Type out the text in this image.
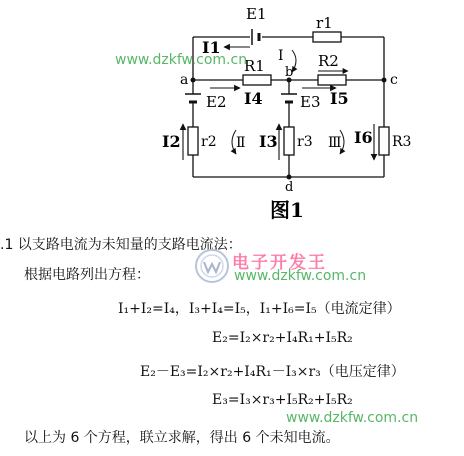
E1	r1
I1	Ⅰ
a	b	c
d
R1	R2
I4	I5
E2	E3
I2 r2 Ⅱ I3 r3 Ⅲ I6 R3
图1
www.dzkfw.com.cn
.1 以支路电流为未知量的支路电流法：
根据电路列出方程：
电子开发王
www.dzkfw.com.cn
I₁+I₂=I₄，I₃+I₄=I₅，I₁+I₆=I₅（电流定律）
E₂=I₂×r₂+I₄R₁+I₅R₂
E₂－E₃=I₂×r₂+I₄R₁－I₃×r₃（电压定律）
E₃=I₃×r₃+I₅R₂+I₅R₂
www.dzkfw.com.cn
以上为 6 个方程，联立求解，得出 6 个未知电流。
